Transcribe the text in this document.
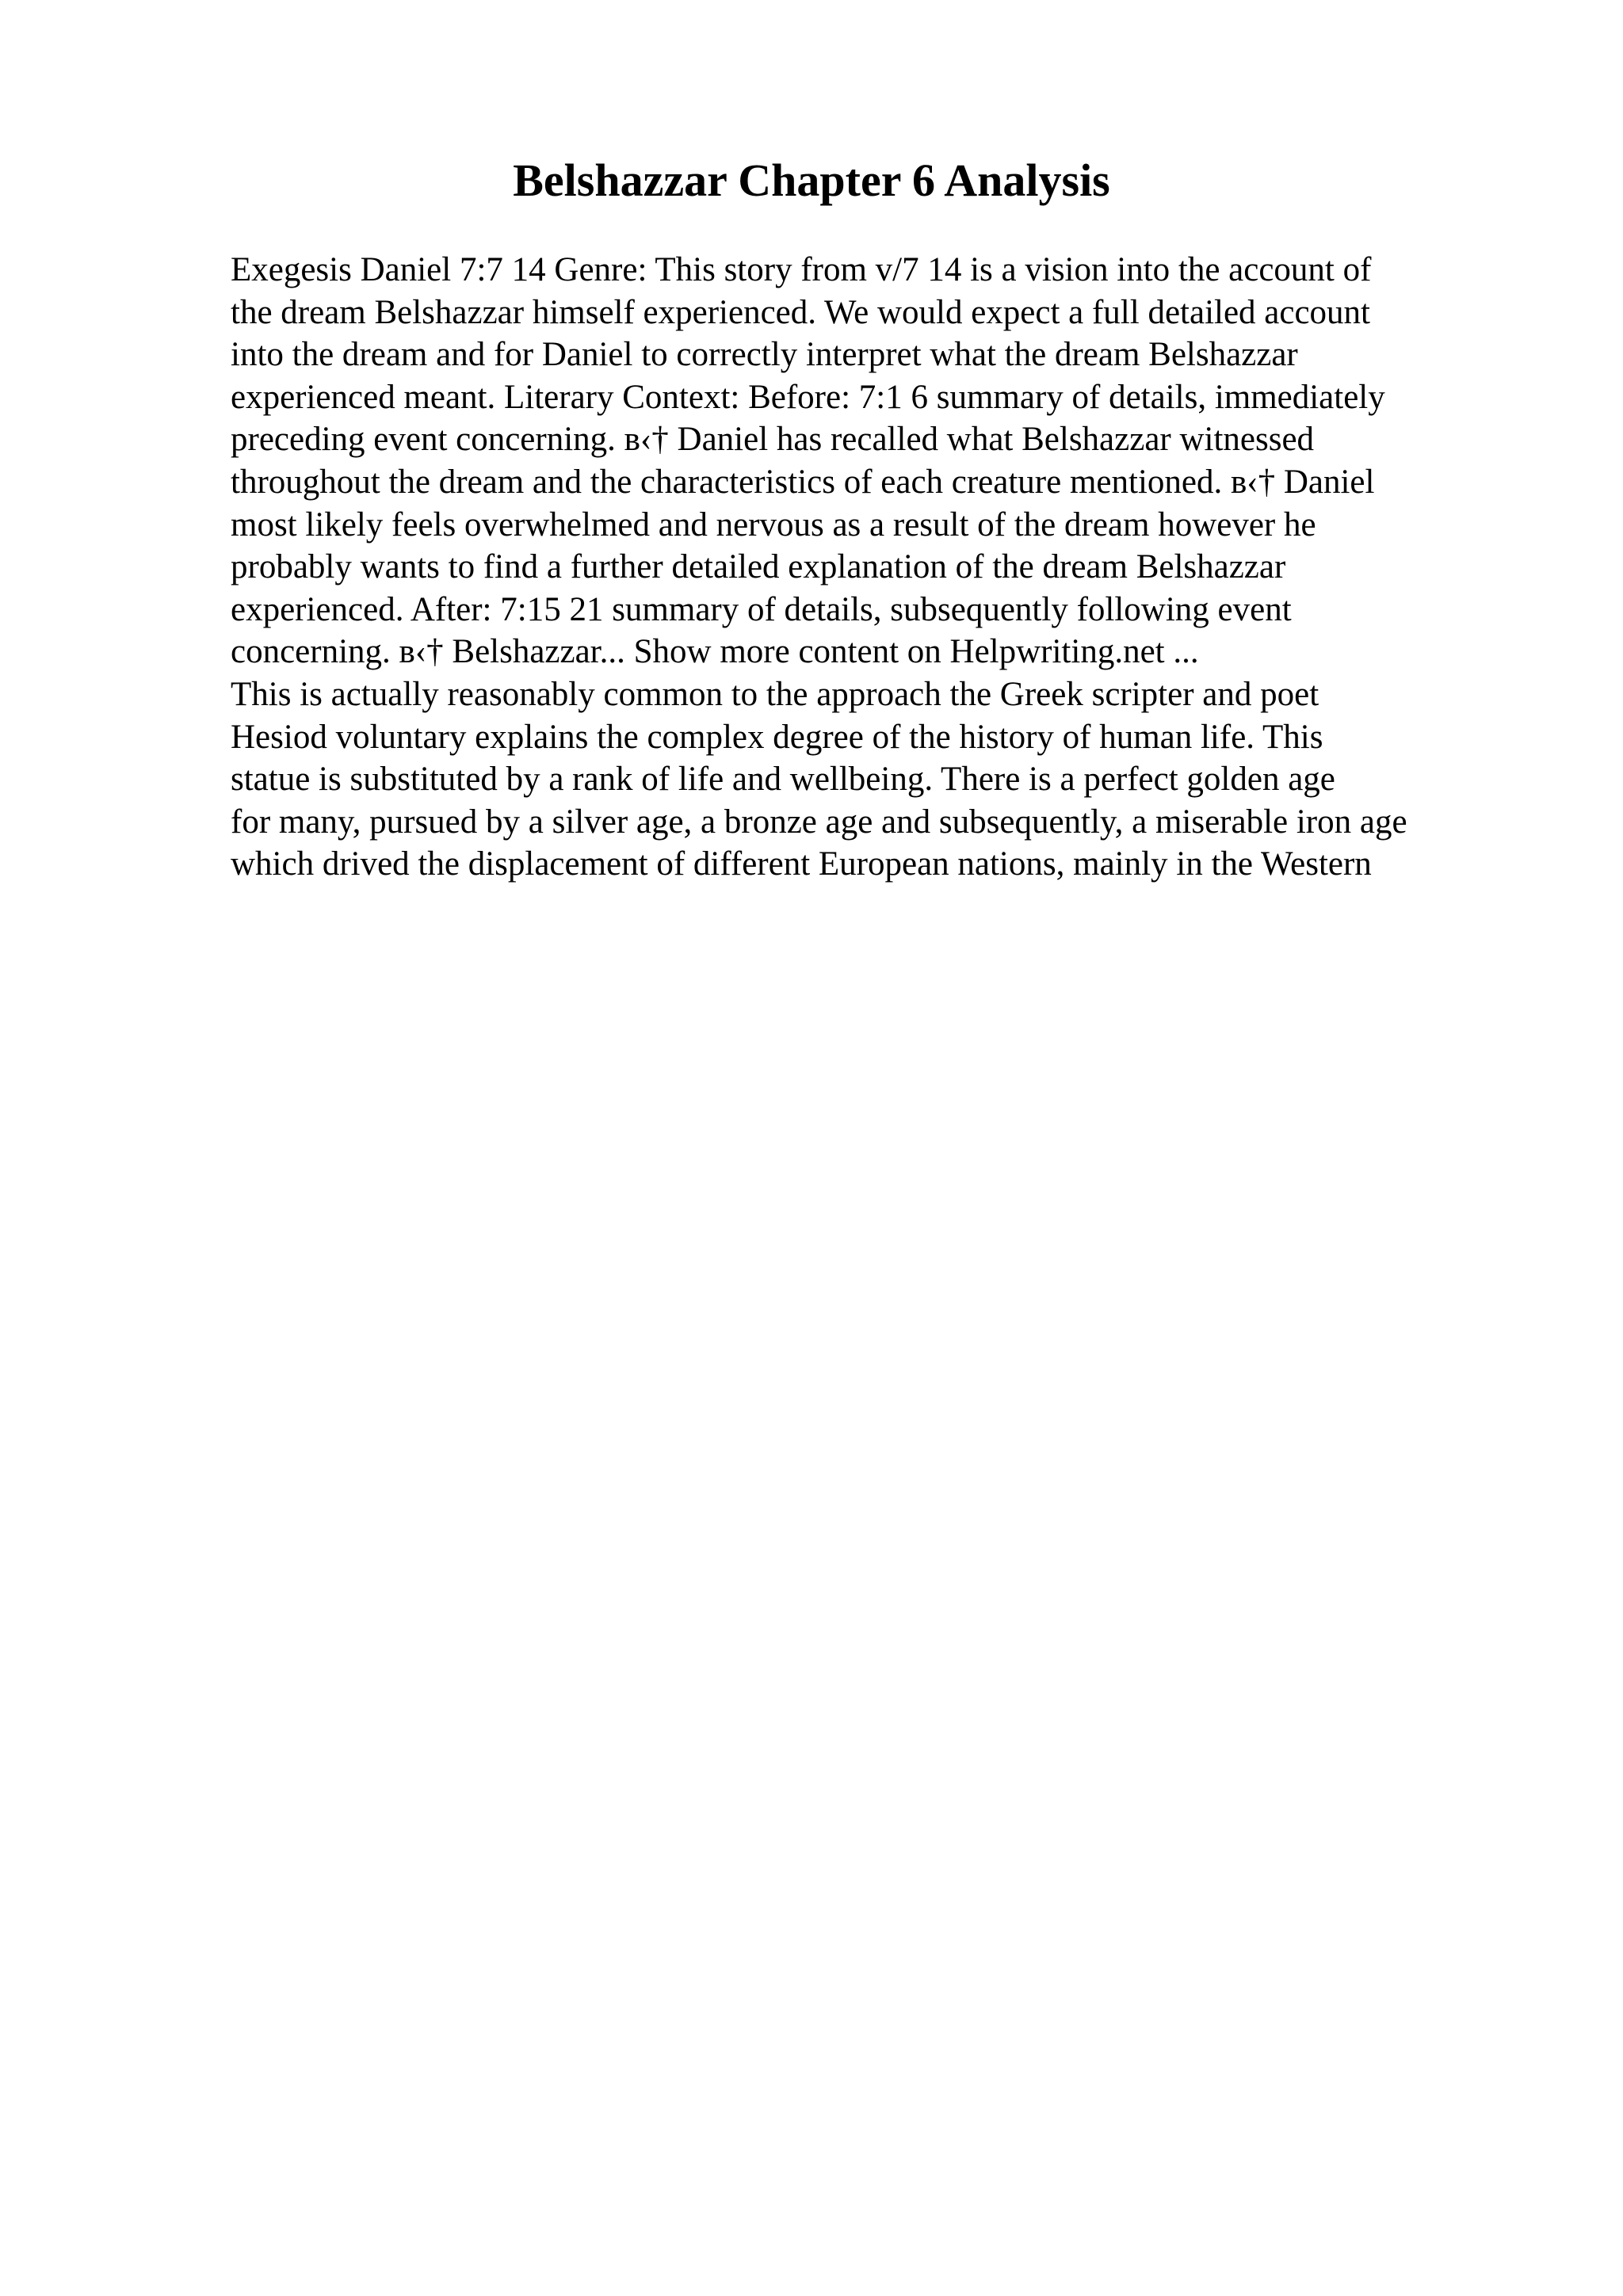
Belshazzar Chapter 6 Analysis
Exegesis Daniel 7:7 14 Genre: This story from v/7 14 is a vision into the account of
the dream Belshazzar himself experienced. We would expect a full detailed account
into the dream and for Daniel to correctly interpret what the dream Belshazzar
experienced meant. Literary Context: Before: 7:1 6 summary of details, immediately
preceding event concerning. в‹† Daniel has recalled what Belshazzar witnessed
throughout the dream and the characteristics of each creature mentioned. в‹† Daniel
most likely feels overwhelmed and nervous as a result of the dream however he
probably wants to find a further detailed explanation of the dream Belshazzar
experienced. After: 7:15 21 summary of details, subsequently following event
concerning. в‹† Belshazzar... Show more content on Helpwriting.net ...
This is actually reasonably common to the approach the Greek scripter and poet
Hesiod voluntary explains the complex degree of the history of human life. This
statue is substituted by a rank of life and wellbeing. There is a perfect golden age
for many, pursued by a silver age, a bronze age and subsequently, a miserable iron age
which drived the displacement of different European nations, mainly in the Western
